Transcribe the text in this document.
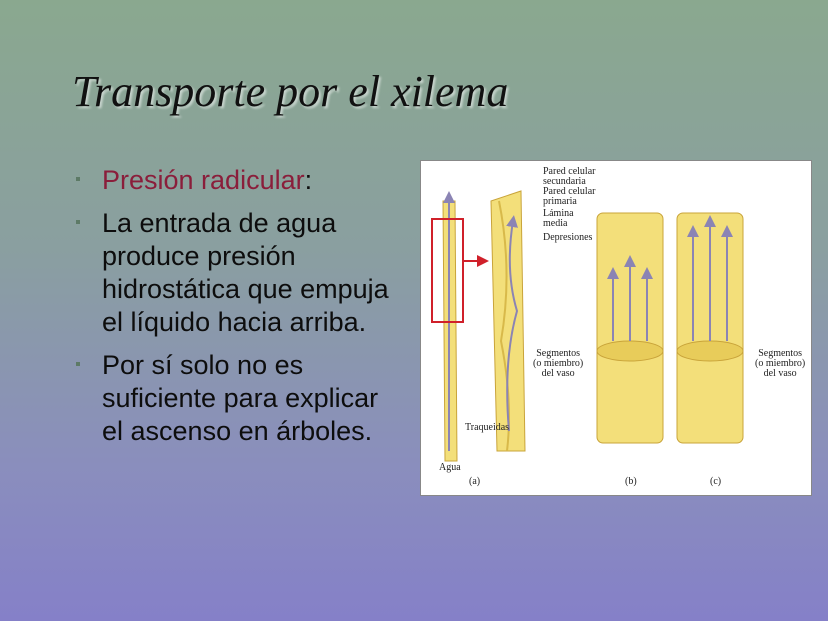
Transporte por el xilema
Presión radicular:
La entrada de agua produce presión hidrostática que empuja el líquido hacia arriba.
Por sí solo no es suficiente para explicar el ascenso en árboles.
Pared celular
secundaria
Pared celular
primaria
Lámina
media
Depresiones
Segmentos
(o miembro)
del vaso
Segmentos
(o miembro)
del vaso
Traqueidas
Agua
(a)	(b)	(c)
